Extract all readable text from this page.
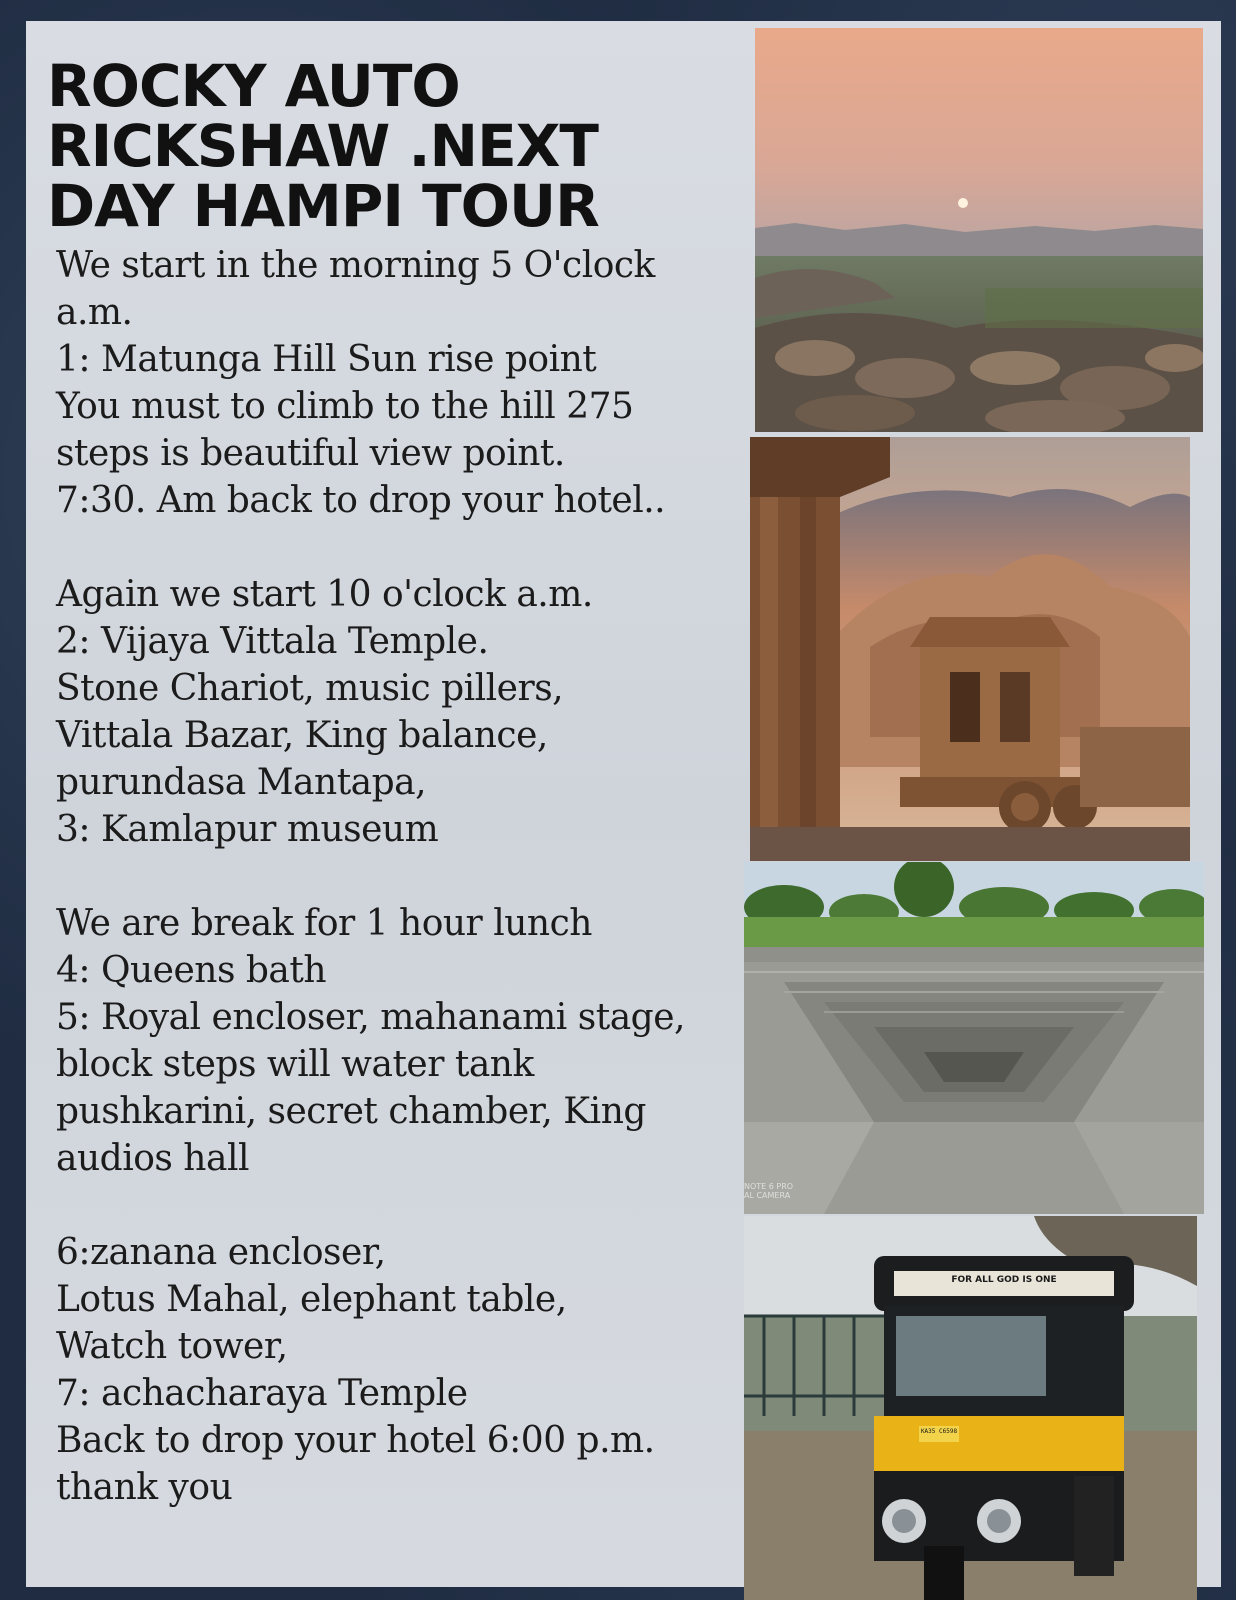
ROCKY AUTO RICKSHAW .NEXT DAY HAMPI TOUR
We start in the morning 5 O'clock
a.m.
1: Matunga Hill Sun rise point
You must to climb to the hill 275
steps is beautiful view point.
7:30. Am back to drop your hotel..
Again we start 10 o'clock a.m.
2: Vijaya Vittala Temple.
Stone Chariot, music pillers,
Vittala Bazar, King balance,
purundasa Mantapa,
3: Kamlapur museum
We are break for 1 hour lunch
4: Queens bath
5: Royal encloser, mahanami stage,
block steps will water tank
pushkarini, secret chamber, King
audios hall
6:zanana encloser,
Lotus Mahal, elephant table,
Watch tower,
7: achacharaya Temple
Back to drop your hotel 6:00 p.m.
thank you
NOTE 6 PRO
AL CAMERA
FOR ALL GOD IS ONE
KA35 C6598
